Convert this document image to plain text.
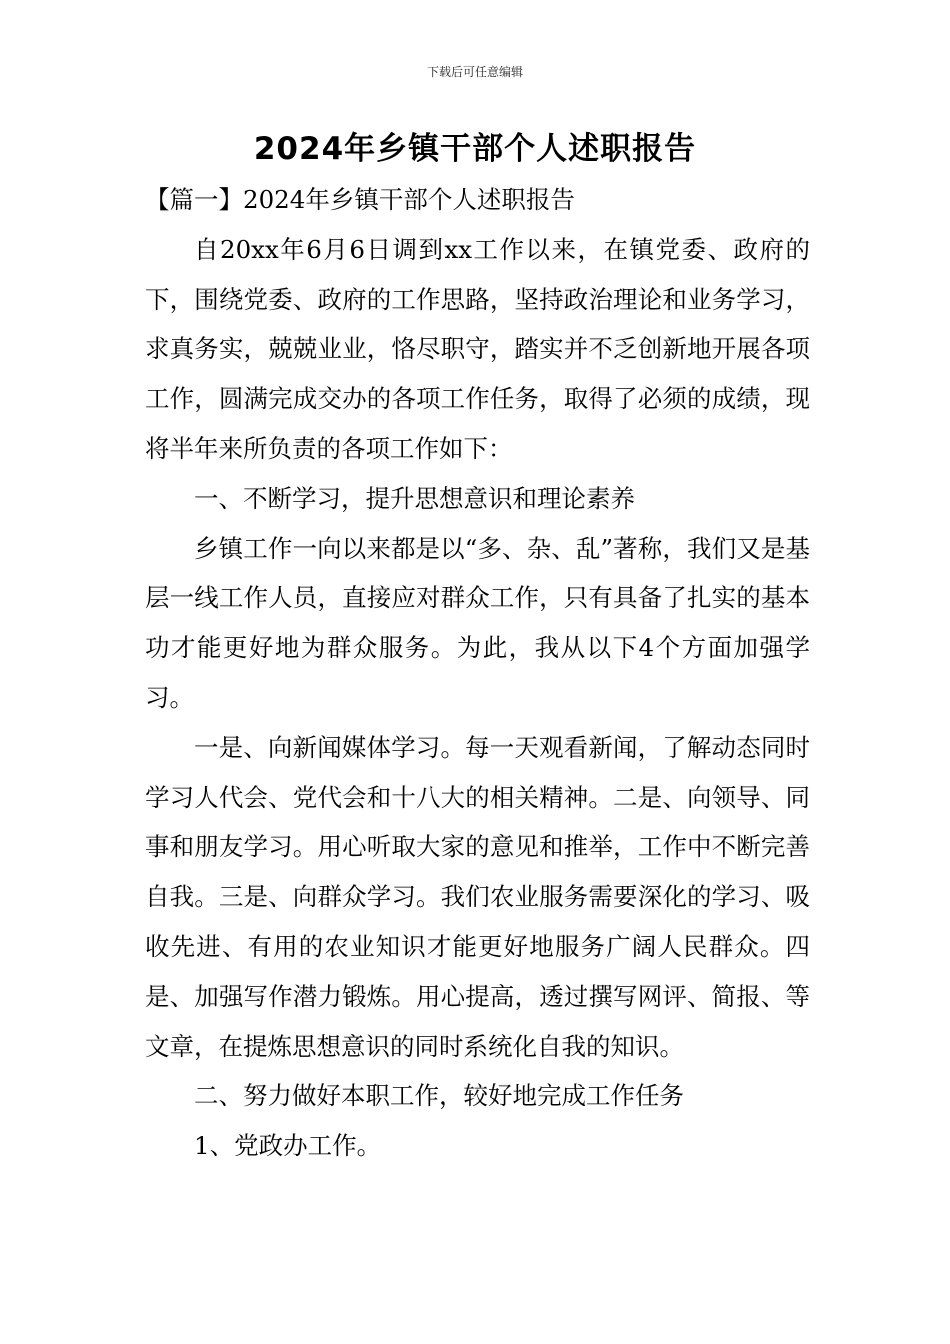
下载后可任意编辑
2024年乡镇干部个人述职报告

【篇一】2024年乡镇干部个人述职报告

自20xx年6月6日调到xx工作以来，在镇党委、政府的下，围绕党委、政府的工作思路，坚持政治理论和业务学习，求真务实，兢兢业业，恪尽职守，踏实并不乏创新地开展各项工作，圆满完成交办的各项工作任务，取得了必须的成绩，现将半年来所负责的各项工作如下：

一、不断学习，提升思想意识和理论素养

乡镇工作一向以来都是以“多、杂、乱”著称，我们又是基层一线工作人员，直接应对群众工作，只有具备了扎实的基本功才能更好地为群众服务。为此，我从以下4个方面加强学习。

一是、向新闻媒体学习。每一天观看新闻，了解动态同时学习人代会、党代会和十八大的相关精神。二是、向领导、同事和朋友学习。用心听取大家的意见和推举，工作中不断完善自我。三是、向群众学习。我们农业服务需要深化的学习、吸收先进、有用的农业知识才能更好地服务广阔人民群众。四是、加强写作潜力锻炼。用心提高，透过撰写网评、简报、等文章，在提炼思想意识的同时系统化自我的知识。

二、努力做好本职工作，较好地完成工作任务

1、党政办工作。
